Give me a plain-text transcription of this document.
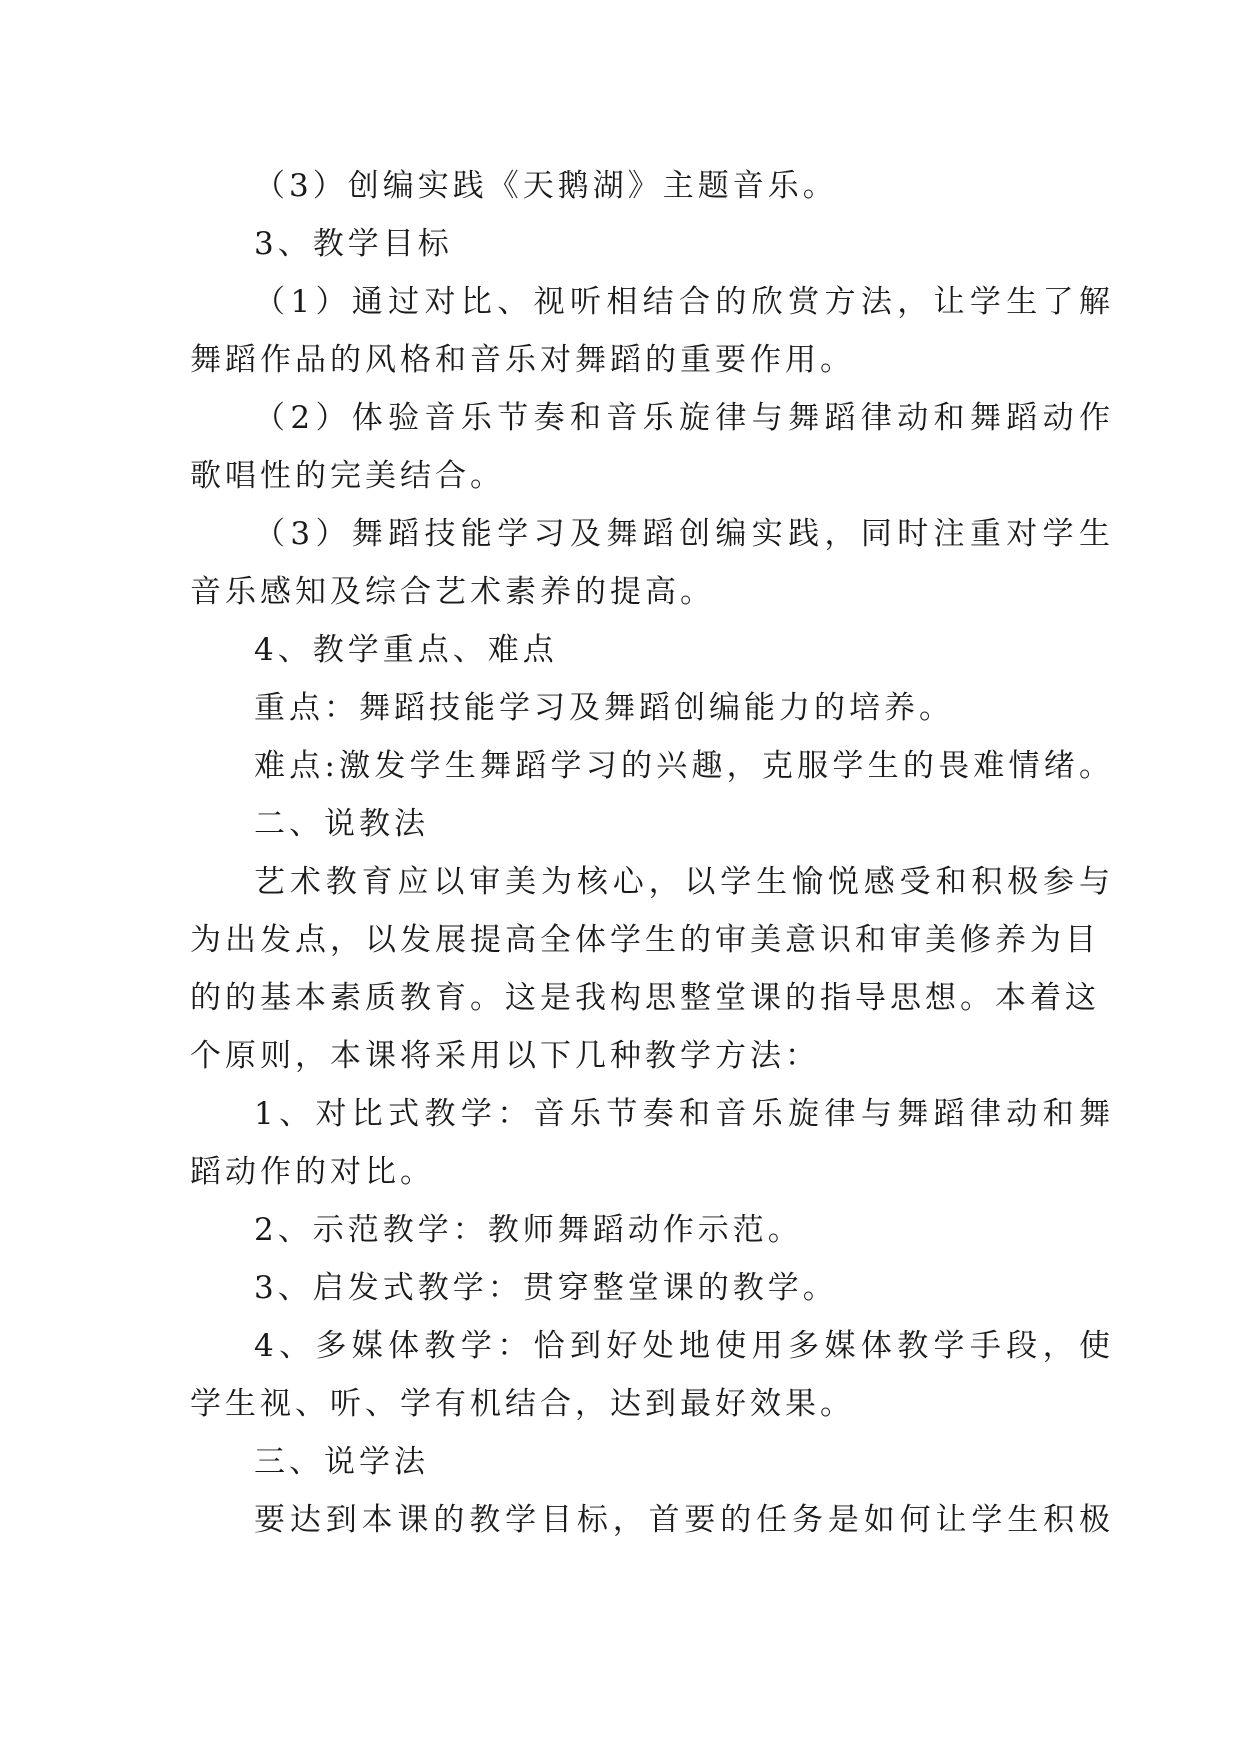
（3）创编实践《天鹅湖》主题音乐。
3、教学目标
（1）通过对比、视听相结合的欣赏方法，让学生了解
舞蹈作品的风格和音乐对舞蹈的重要作用。
（2）体验音乐节奏和音乐旋律与舞蹈律动和舞蹈动作
歌唱性的完美结合。
（3）舞蹈技能学习及舞蹈创编实践，同时注重对学生
音乐感知及综合艺术素养的提高。
4、教学重点、难点
重点：舞蹈技能学习及舞蹈创编能力的培养。
难点:激发学生舞蹈学习的兴趣，克服学生的畏难情绪。
二、说教法
艺术教育应以审美为核心，以学生愉悦感受和积极参与
为出发点，以发展提高全体学生的审美意识和审美修养为目
的的基本素质教育。这是我构思整堂课的指导思想。本着这
个原则，本课将采用以下几种教学方法：
1、对比式教学：音乐节奏和音乐旋律与舞蹈律动和舞
蹈动作的对比。
2、示范教学：教师舞蹈动作示范。
3、启发式教学：贯穿整堂课的教学。
4、多媒体教学：恰到好处地使用多媒体教学手段，使
学生视、听、学有机结合，达到最好效果。
三、说学法
要达到本课的教学目标，首要的任务是如何让学生积极
